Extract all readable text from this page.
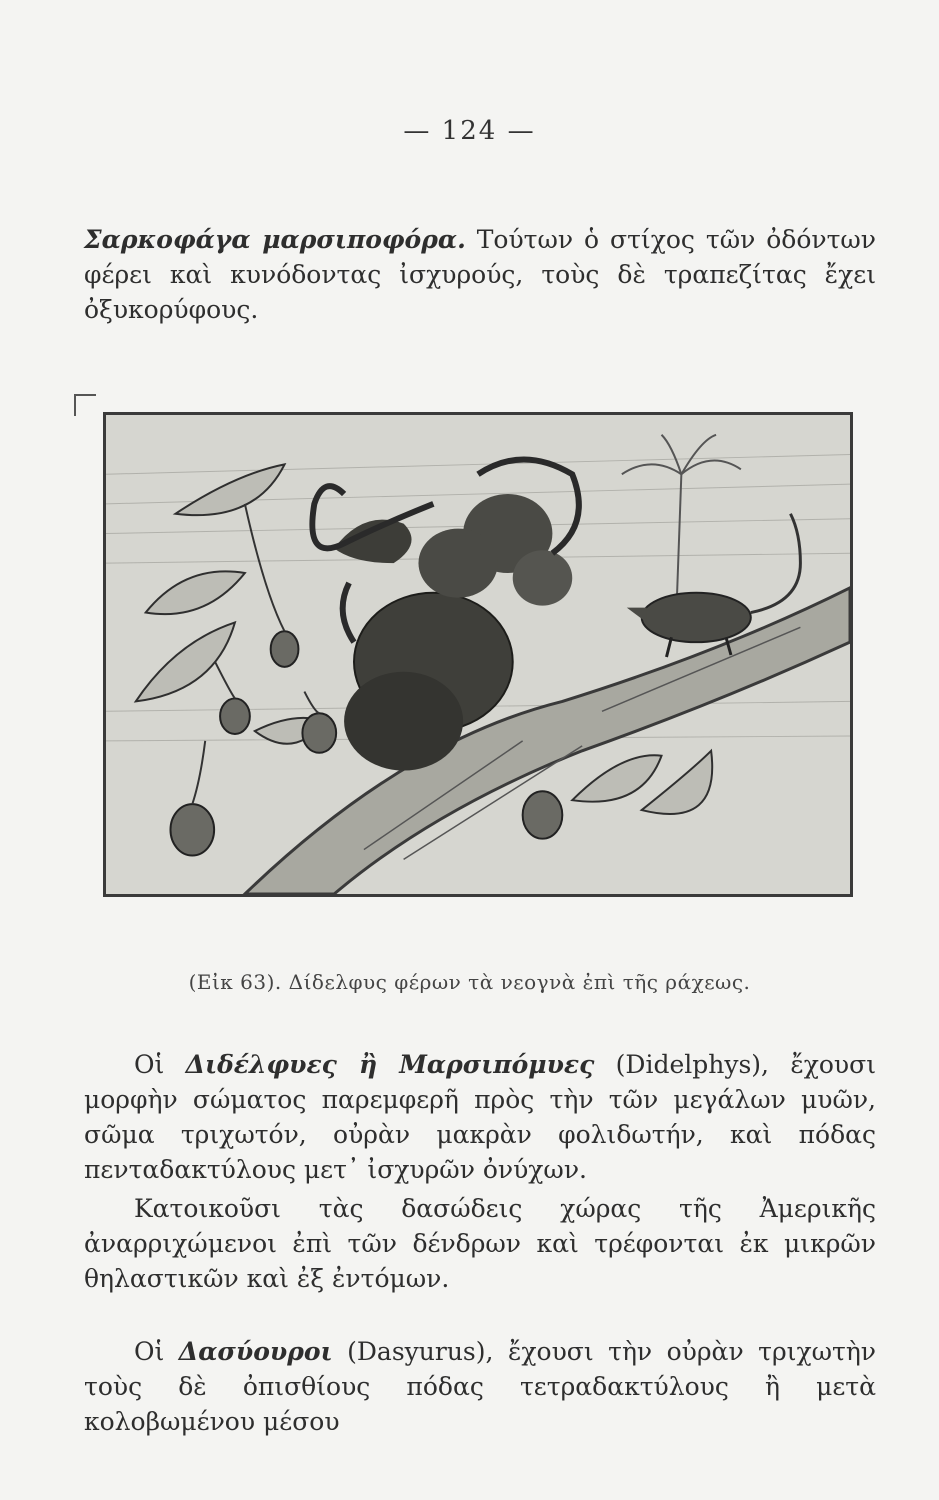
— 124 —
Σαρκοφάγα μαρσιποφόρα. Τούτων ὁ στίχος τῶν ὀδόντων φέρει καὶ κυνόδοντας ἰσχυρούς, τοὺς δὲ τραπεζίτας ἔχει ὀξυκορύφους.
(Εἰκ 63). Δίδελφυς φέρων τὰ νεογνὰ ἐπὶ τῆς ράχεως.
Οἱ Διδέλφυες ἢ Μαρσιπόμυες (Didelphys), ἔχουσι μορφὴν σώματος παρεμφερῆ πρὸς τὴν τῶν μεγάλων μυῶν, σῶμα τριχωτόν, οὐρὰν μακρὰν φολιδωτήν, καὶ πόδας πενταδακτύλους μετ᾽ ἰσχυρῶν ὀνύχων.
Κατοικοῦσι τὰς δασώδεις χώρας τῆς Ἀμερικῆς ἀναρριχώμενοι ἐπὶ τῶν δένδρων καὶ τρέφονται ἐκ μικρῶν θηλαστικῶν καὶ ἐξ ἐντόμων.
Οἱ Δασύουροι (Dasyurus), ἔχουσι τὴν οὐρὰν τριχωτὴν τοὺς δὲ ὀπισθίους πόδας τετραδακτύλους ἢ μετὰ κολοβωμένου μέσου
